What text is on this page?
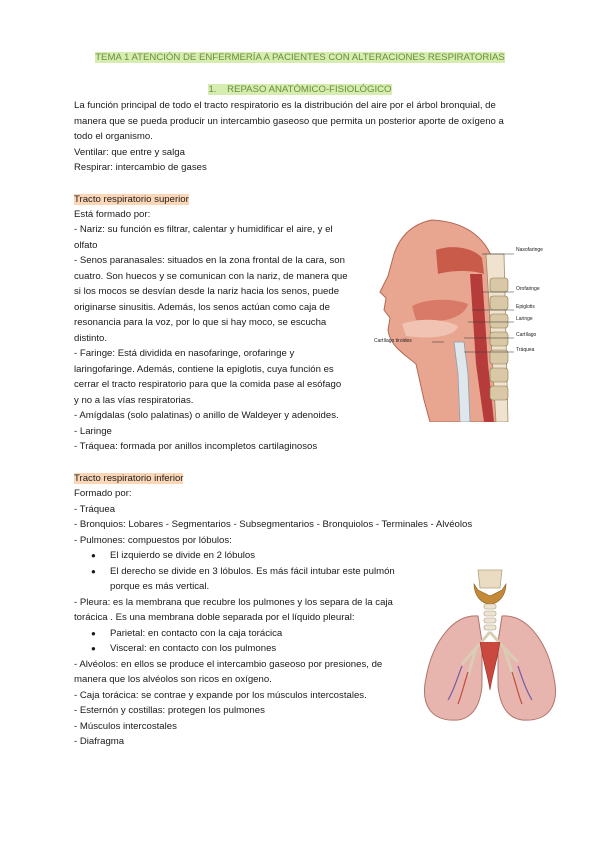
TEMA 1 ATENCIÓN DE ENFERMERÍA A PACIENTES CON ALTERACIONES RESPIRATORIAS
1. REPASO ANATÓMICO-FISIOLÓGICO
La función principal de todo el tracto respiratorio es la distribución del aire por el árbol bronquial, de
manera que se pueda producir un intercambio gaseoso que permita un posterior aporte de oxígeno a
todo el organismo.
Ventilar: que entre y salga
Respirar: intercambio de gases
Tracto respiratorio superior
Está formado por:
- Nariz: su función es filtrar, calentar y humidificar el aire, y el
olfato
- Senos paranasales: situados en la zona frontal de la cara, son
cuatro. Son huecos y se comunican con la nariz, de manera que
si los mocos se desvían desde la nariz hacia los senos, puede
originarse sinusitis. Además, los senos actúan como caja de
resonancia para la voz, por lo que si hay moco, se escucha
distinto.
- Faringe: Está dividida en nasofaringe, orofaringe y
laringofaringe. Además, contiene la epiglotis, cuya función es
cerrar el tracto respiratorio para que la comida pase al esófago
y no a las vías respiratorias.
- Amígdalas (solo palatinas) o anillo de Waldeyer y adenoides.
- Laringe
- Tráquea: formada por anillos incompletos cartilaginosos
Nasofaringe
Orofaringe
Epiglotis
Laringe
Cartílago
Tráquea
Cartílago tiroides
Tracto respiratorio inferior
Formado por:
- Tráquea
- Bronquios: Lobares - Segmentarios - Subsegmentarios - Bronquiolos - Terminales - Alvéolos
- Pulmones: compuestos por lóbulos:
● El izquierdo se divide en 2 lóbulos
● El derecho se divide en 3 lóbulos. Es más fácil intubar este pulmón
porque es más vertical.
- Pleura: es la membrana que recubre los pulmones y los separa de la caja
torácica . Es una membrana doble separada por el líquido pleural:
● Parietal: en contacto con la caja torácica
● Visceral: en contacto con los pulmones
- Alvéolos: en ellos se produce el intercambio gaseoso por presiones, de
manera que los alvéolos son ricos en oxígeno.
- Caja torácica: se contrae y expande por los músculos intercostales.
- Esternón y costillas: protegen los pulmones
- Músculos intercostales
- Diafragma
